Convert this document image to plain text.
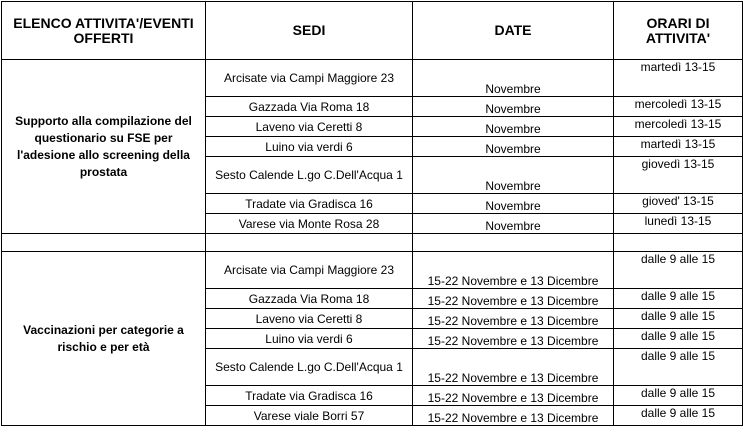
ELENCO ATTIVITA'/EVENTI OFFERTI	SEDI	DATE	ORARI DI ATTIVITA'
Supporto alla compilazione del questionario su FSE per l'adesione allo screening della prostata	Arcisate via Campi Maggiore 23	Novembre	martedì 13-15
	Gazzada Via Roma 18	Novembre	mercoledì 13-15
	Laveno via Ceretti 8	Novembre	mercoledì 13-15
	Luino via verdi 6	Novembre	martedì 13-15
	Sesto Calende L.go C.Dell'Acqua 1	Novembre	giovedì 13-15
	Tradate via Gradisca 16	Novembre	gioved' 13-15
	Varese via Monte Rosa 28	Novembre	lunedì 13-15

Vaccinazioni per categorie a rischio e per età	Arcisate via Campi Maggiore 23	15-22 Novembre e 13 Dicembre	dalle 9 alle 15
	Gazzada Via Roma 18	15-22 Novembre e 13 Dicembre	dalle 9 alle 15
	Laveno via Ceretti 8	15-22 Novembre e 13 Dicembre	dalle 9 alle 15
	Luino via verdi 6	15-22 Novembre e 13 Dicembre	dalle 9 alle 15
	Sesto Calende L.go C.Dell'Acqua 1	15-22 Novembre e 13 Dicembre	dalle 9 alle 15
	Tradate via Gradisca 16	15-22 Novembre e 13 Dicembre	dalle 9 alle 15
	Varese viale Borri 57	15-22 Novembre e 13 Dicembre	dalle 9 alle 15
